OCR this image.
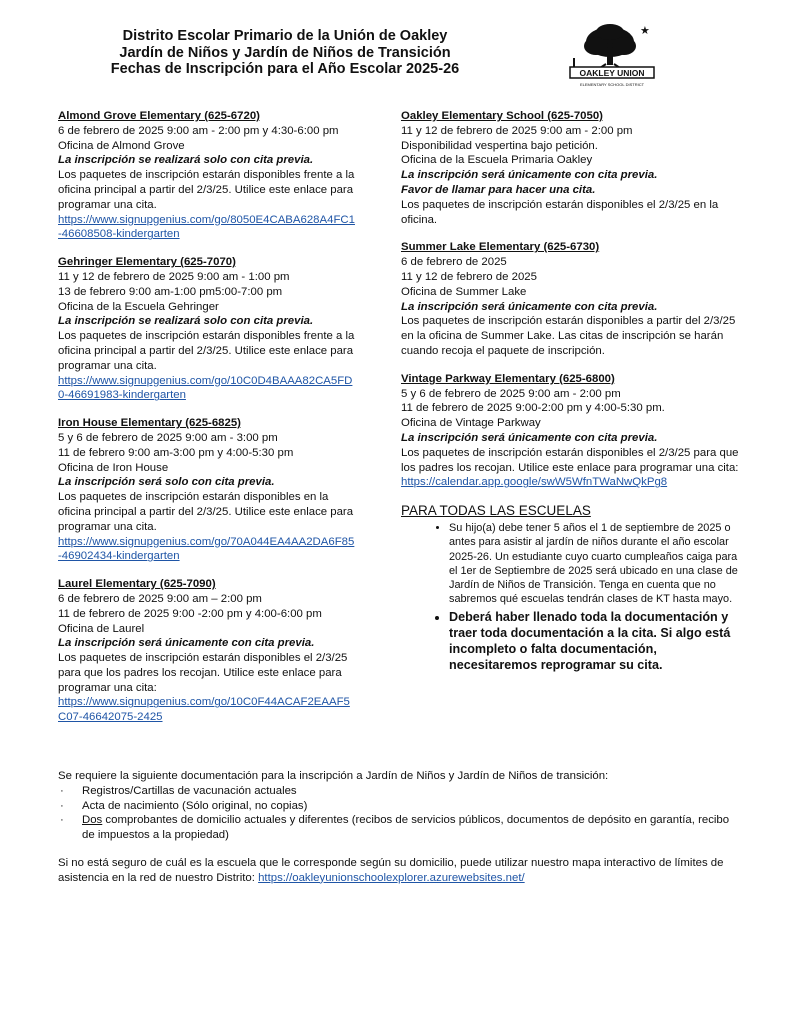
Distrito Escolar Primario de la Unión de Oakley
Jardín de Niños y Jardín de Niños de Transición
Fechas de Inscripción para el Año Escolar 2025-26
★
OAKLEY UNION
ELEMENTARY SCHOOL DISTRICT

Almond Grove Elementary (625-6720)

6 de febrero de 2025 9:00 am - 2:00 pm y 4:30-6:00 pm

Oficina de Almond Grove

La inscripción se realizará solo con cita previa.

Los paquetes de inscripción estarán disponibles frente a la oficina principal a partir del 2/3/25. Utilice este enlace para programar una cita.

https://www.signupgenius.com/go/8050E4CABA628A4FC1-46608508-kindergarten

Gehringer Elementary (625-7070)

11 y 12 de febrero de 2025 9:00 am - 1:00 pm

13 de febrero 9:00 am-1:00 pm5:00-7:00 pm

Oficina de la Escuela Gehringer

La inscripción se realizará solo con cita previa.

Los paquetes de inscripción estarán disponibles frente a la oficina principal a partir del 2/3/25. Utilice este enlace para programar una cita.

https://www.signupgenius.com/go/10C0D4BAAA82CA5FD0-46691983-kindergarten

Iron House Elementary (625-6825)

5 y 6 de febrero de 2025 9:00 am - 3:00 pm

11 de febrero 9:00 am-3:00 pm y 4:00-5:30 pm

Oficina de Iron House

La inscripción será solo con cita previa.

Los paquetes de inscripción estarán disponibles en la oficina principal a partir del 2/3/25. Utilice este enlace para programar una cita.

https://www.signupgenius.com/go/70A044EA4AA2DA6F85-46902434-kindergarten

Laurel Elementary (625-7090)

6 de febrero de 2025 9:00 am – 2:00 pm

11 de febrero de 2025 9:00 -2:00 pm y 4:00-6:00 pm

Oficina de Laurel

La inscripción será únicamente con cita previa.

Los paquetes de inscripción estarán disponibles el 2/3/25 para que los padres los recojan. Utilice este enlace para programar una cita:

https://www.signupgenius.com/go/10C0F44ACAF2EAAF5C07-46642075-2425

Oakley Elementary School (625-7050)

11 y 12 de febrero de 2025 9:00 am - 2:00 pm

Disponibilidad vespertina bajo petición.

Oficina de la Escuela Primaria Oakley

La inscripción será únicamente con cita previa.

Favor de llamar para hacer una cita.

Los paquetes de inscripción estarán disponibles el 2/3/25 en la oficina.

Summer Lake Elementary (625-6730)

6 de febrero de 2025

11 y 12 de febrero de 2025

Oficina de Summer Lake

La inscripción será únicamente con cita previa.

Los paquetes de inscripción estarán disponibles a partir del 2/3/25 en la oficina de Summer Lake. Las citas de inscripción se harán cuando recoja el paquete de inscripción.

Vintage Parkway Elementary (625-6800)

5 y 6 de febrero de 2025 9:00 am - 2:00 pm

11 de febrero de 2025 9:00-2:00 pm y 4:00-5:30 pm.

Oficina de Vintage Parkway

La inscripción será únicamente con cita previa.

Los paquetes de inscripción estarán disponibles el 2/3/25 para que los padres los recojan. Utilice este enlace para programar una cita:

https://calendar.app.google/swW5WfnTWaNwQkPg8

PARA TODAS LAS ESCUELAS
• Su hijo(a) debe tener 5 años el 1 de septiembre de 2025 o antes para asistir al jardín de niños durante el año escolar 2025-26. Un estudiante cuyo cuarto cumpleaños caiga para el 1er de Septiembre de 2025 será ubicado en una clase de Jardín de Niños de Transición. Tenga en cuenta que no sabremos qué escuelas tendrán clases de KT hasta mayo.
• Deberá haber llenado toda la documentación y traer toda documentación a la cita. Si algo está incompleto o falta documentación, necesitaremos reprogramar su cita.

Se requiere la siguiente documentación para la inscripción a Jardín de Niños y Jardín de Niños de transición:

· Registros/Cartillas de vacunación actuales
· Acta de nacimiento (Sólo original, no copias)
· Dos comprobantes de domicilio actuales y diferentes (recibos de servicios públicos, documentos de depósito en garantía, recibo de impuestos a la propiedad)

Si no está seguro de cuál es la escuela que le corresponde según su domicilio, puede utilizar nuestro mapa interactivo de límites de asistencia en la red de nuestro Distrito: https://oakleyunionschoolexplorer.azurewebsites.net/
